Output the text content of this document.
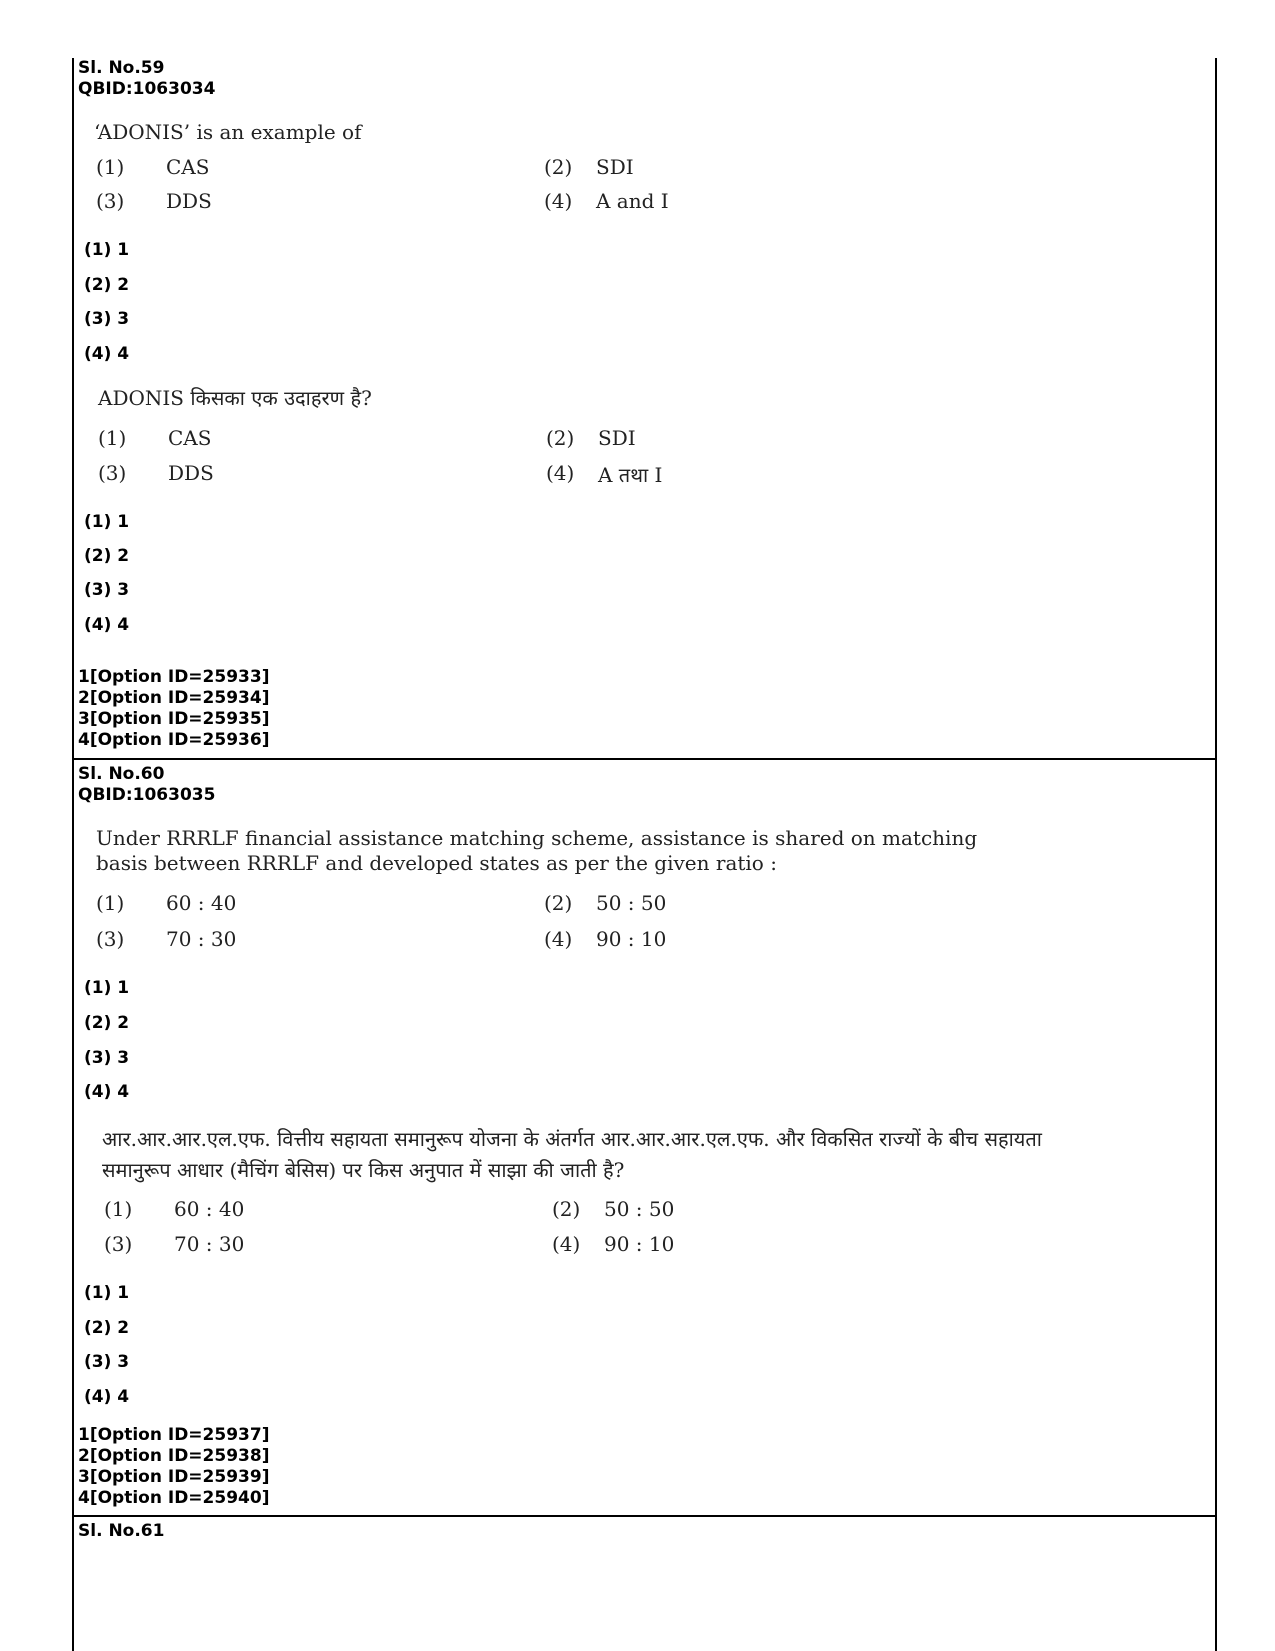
Sl. No.59
QBID:1063034
‘ADONIS’ is an example of
(1) CAS	(2) SDI
(3) DDS	(4) A and I
(1) 1
(2) 2
(3) 3
(4) 4
ADONIS किसका एक उदाहरण है?
(1) CAS	(2) SDI
(3) DDS	(4) A तथा I
(1) 1
(2) 2
(3) 3
(4) 4
1[Option ID=25933]
2[Option ID=25934]
3[Option ID=25935]
4[Option ID=25936]
Sl. No.60
QBID:1063035
Under RRRLF financial assistance matching scheme, assistance is shared on matching basis between RRRLF and developed states as per the given ratio :
(1) 60 : 40	(2) 50 : 50
(3) 70 : 30	(4) 90 : 10
(1) 1
(2) 2
(3) 3
(4) 4
आर.आर.आर.एल.एफ. वित्तीय सहायता समानुरूप योजना के अंतर्गत आर.आर.आर.एल.एफ. और विकसित राज्यों के बीच सहायता समानुरूप आधार (मैचिंग बेसिस) पर किस अनुपात में साझा की जाती है?
(1) 60 : 40	(2) 50 : 50
(3) 70 : 30	(4) 90 : 10
(1) 1
(2) 2
(3) 3
(4) 4
1[Option ID=25937]
2[Option ID=25938]
3[Option ID=25939]
4[Option ID=25940]
Sl. No.61
